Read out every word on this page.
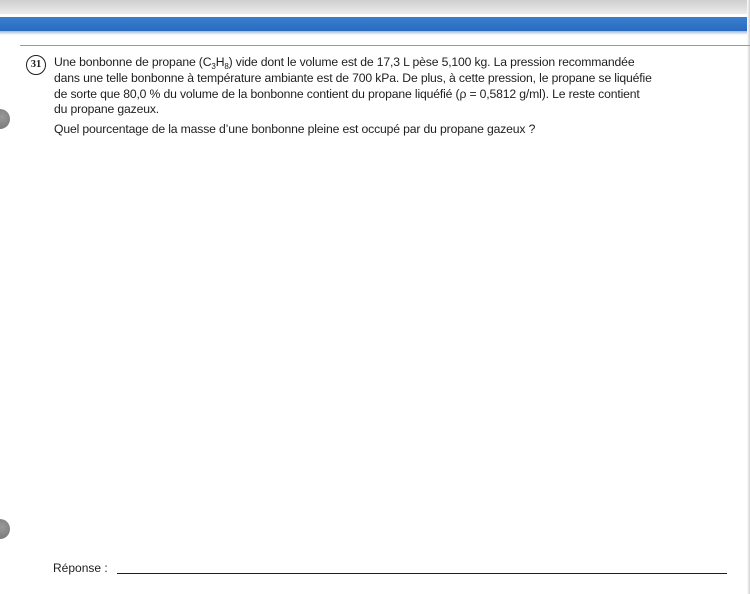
31	Une bonbonne de propane $(C_3H_8)$ vide dont le volume est de 17,3 L pèse 5,100 kg. La pression recommandée
dans une telle bonbonne à température ambiante est de 700 kPa. De plus, à cette pression, le propane se liquéfie
de sorte que 80,0 % du volume de la bonbonne contient du propane liquéfié (ρ = 0,5812 g/ml). Le reste contient
du propane gazeux.
Quel pourcentage de la masse d’une bonbonne pleine est occupé par du propane gazeux ?
Réponse :
